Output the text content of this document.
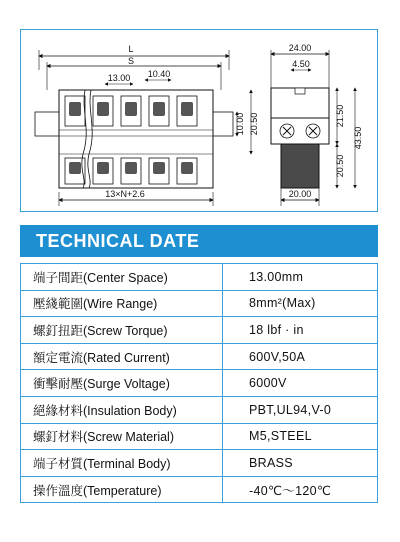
L
S
13.00 10.40
13×N+2.6
10.00 20.50
24.00
4.50
20.00
21.50
20.50
43.50
TECHNICAL DATE
端子間距(Center Space)	13.00mm
壓綫範圍(Wire Range)	8mm²(Max)
螺釘扭距(Screw Torque)	18 lbf · in
額定電流(Rated Current)	600V,50A
衝擊耐壓(Surge Voltage)	6000V
絕緣材料(Insulation Body)	PBT,UL94,V-0
螺釘材料(Screw Material)	M5,STEEL
端子材質(Terminal Body)	BRASS
操作溫度(Temperature)	-40℃～120℃
